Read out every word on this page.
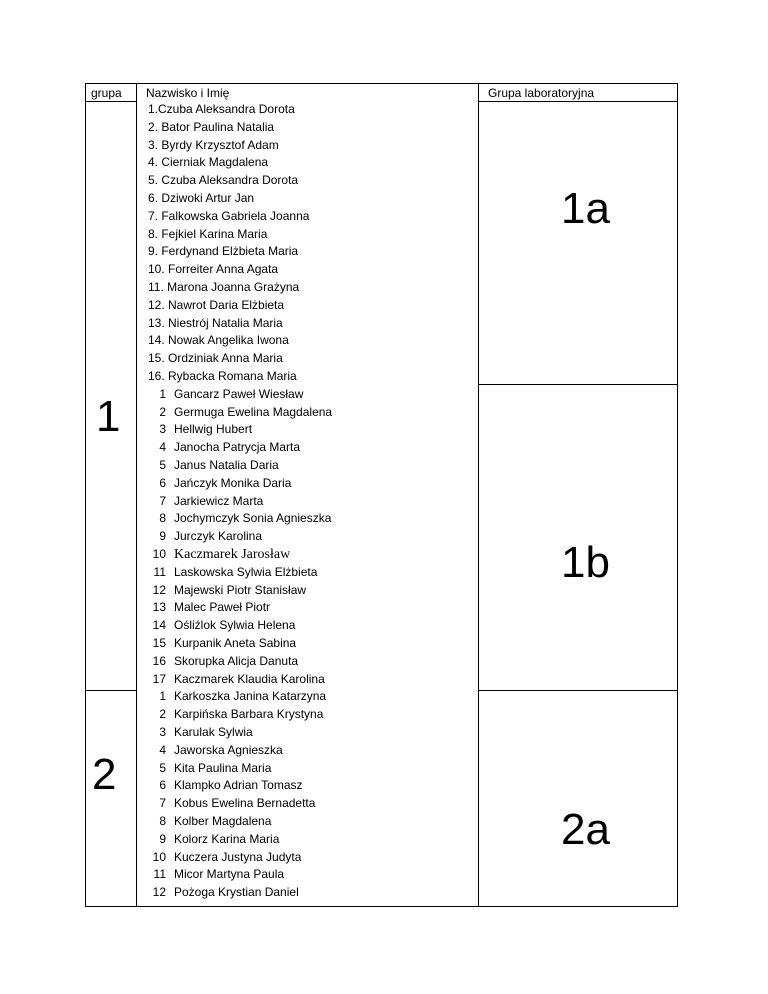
grupa Nazwisko i Imię	Grupa laboratoryjna
1
2
1a
1b
2a
1.Czuba Aleksandra Dorota
2. Bator Paulina Natalia
3. Byrdy Krzysztof Adam
4. Cierniak Magdalena
5. Czuba Aleksandra Dorota
6. Dziwoki Artur Jan
7. Falkowska Gabriela Joanna
8. Fejkiel Karina Maria
9. Ferdynand Elżbieta Maria
10. Forreiter Anna Agata
11. Marona Joanna Grażyna
12. Nawrot Daria Elżbieta
13. Niestrój Natalia Maria
14. Nowak Angelika Iwona
15. Ordziniak Anna Maria
16. Rybacka Romana Maria
1 Gancarz Paweł Wiesław
2 Germuga Ewelina Magdalena
3 Hellwig Hubert
4 Janocha Patrycja Marta
5 Janus Natalia Daria
6 Jańczyk Monika Daria
7 Jarkiewicz Marta
8 Jochymczyk Sonia Agnieszka
9 Jurczyk Karolina
10 Kaczmarek Jarosław
11 Laskowska Sylwia Elżbieta
12 Majewski Piotr Stanisław
13 Malec Paweł Piotr
14 Ośliźlok Sylwia Helena
15 Kurpanik Aneta Sabina
16 Skorupka Alicja Danuta
17 Kaczmarek Klaudia Karolina
1 Karkoszka Janina Katarzyna
2 Karpińska Barbara Krystyna
3 Karulak Sylwia
4 Jaworska Agnieszka
5 Kita Paulina Maria
6 Klampko Adrian Tomasz
7 Kobus Ewelina Bernadetta
8 Kolber Magdalena
9 Kolorz Karina Maria
10 Kuczera Justyna Judyta
11 Micor Martyna Paula
12 Pożoga Krystian Daniel
